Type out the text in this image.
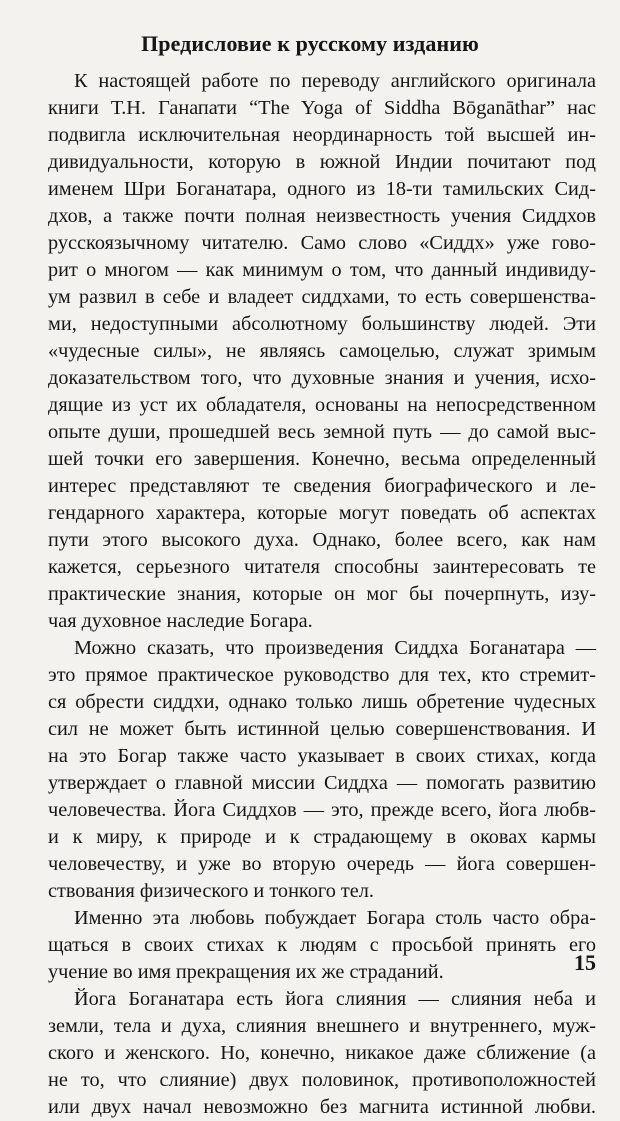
Предисловие к русскому изданию
К настоящей работе по переводу английского оригинала
книги Т.Н. Ганапати “The Yoga of Siddha Bōganāthar” нас
подвигла исключительная неординарность той высшей ин-
дивидуальности, которую в южной Индии почитают под
именем Шри Боганатара, одного из 18-ти тамильских Сид-
дхов, а также почти полная неизвестность учения Сиддхов
русскоязычному читателю. Само слово «Сиддх» уже гово-
рит о многом — как минимум о том, что данный индивиду-
ум развил в себе и владеет сиддхами, то есть совершенства-
ми, недоступными абсолютному большинству людей. Эти
«чудесные силы», не являясь самоцелью, служат зримым
доказательством того, что духовные знания и учения, исхо-
дящие из уст их обладателя, основаны на непосредственном
опыте души, прошедшей весь земной путь — до самой выс-
шей точки его завершения. Конечно, весьма определенный
интерес представляют те сведения биографического и ле-
гендарного характера, которые могут поведать об аспектах
пути этого высокого духа. Однако, более всего, как нам
кажется, серьезного читателя способны заинтересовать те
практические знания, которые он мог бы почерпнуть, изу-
чая духовное наследие Богара.
Можно сказать, что произведения Сиддха Боганатара —
это прямое практическое руководство для тех, кто стремит-
ся обрести сиддхи, однако только лишь обретение чудесных
сил не может быть истинной целью совершенствования. И
на это Богар также часто указывает в своих стихах, когда
утверждает о главной миссии Сиддха — помогать развитию
человечества. Йога Сиддхов — это, прежде всего, йога любв-
и к миру, к природе и к страдающему в оковах кармы
человечеству, и уже во вторую очередь — йога совершен-
ствования физического и тонкого тел.
Именно эта любовь побуждает Богара столь часто обра-
щаться в своих стихах к людям с просьбой принять его
учение во имя прекращения их же страданий.
Йога Боганатара есть йога слияния — слияния неба и
земли, тела и духа, слияния внешнего и внутреннего, муж-
ского и женского. Но, конечно, никакое даже сближение (а
не то, что слияние) двух половинок, противоположностей
или двух начал невозможно без магнита истинной любви.
15
